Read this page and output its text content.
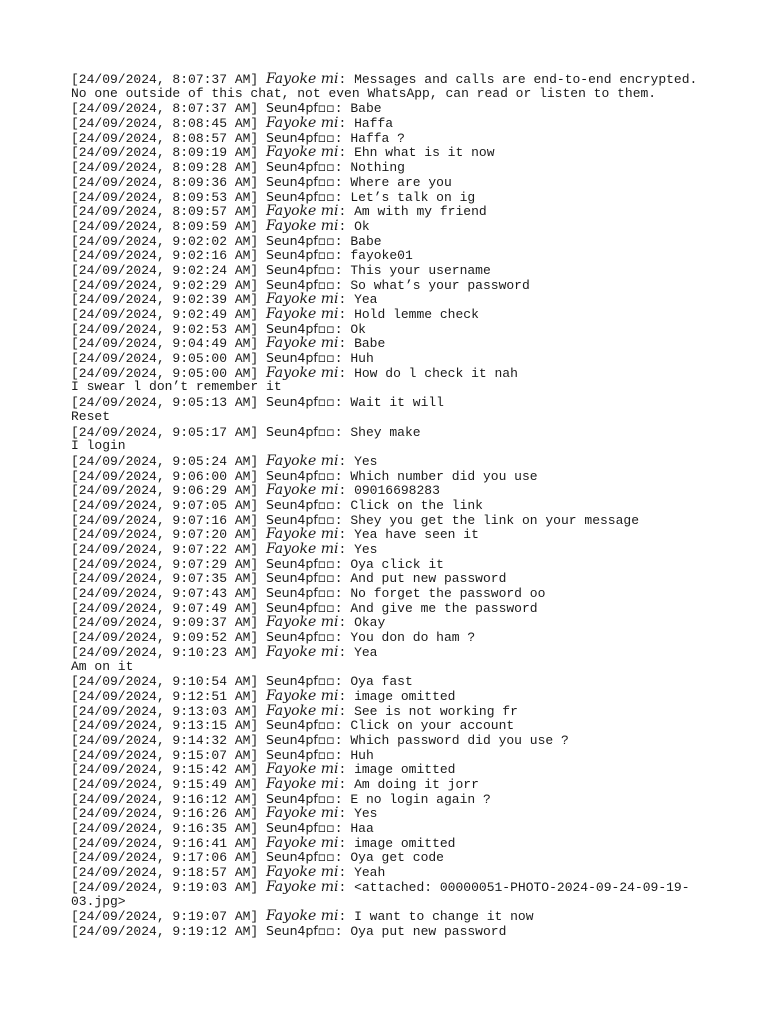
[24/09/2024, 8:07:37 AM] Fayoke mi: Messages and calls are end-to-end encrypted.
No one outside of this chat, not even WhatsApp, can read or listen to them.
[24/09/2024, 8:07:37 AM] Seun4pf▫▫: Babe
[24/09/2024, 8:08:45 AM] Fayoke mi: Haffa
[24/09/2024, 8:08:57 AM] Seun4pf▫▫: Haffa ?
[24/09/2024, 8:09:19 AM] Fayoke mi: Ehn what is it now
[24/09/2024, 8:09:28 AM] Seun4pf▫▫: Nothing
[24/09/2024, 8:09:36 AM] Seun4pf▫▫: Where are you
[24/09/2024, 8:09:53 AM] Seun4pf▫▫: Let’s talk on ig
[24/09/2024, 8:09:57 AM] Fayoke mi: Am with my friend
[24/09/2024, 8:09:59 AM] Fayoke mi: Ok
[24/09/2024, 9:02:02 AM] Seun4pf▫▫: Babe
[24/09/2024, 9:02:16 AM] Seun4pf▫▫: fayoke01
[24/09/2024, 9:02:24 AM] Seun4pf▫▫: This your username
[24/09/2024, 9:02:29 AM] Seun4pf▫▫: So what’s your password
[24/09/2024, 9:02:39 AM] Fayoke mi: Yea
[24/09/2024, 9:02:49 AM] Fayoke mi: Hold lemme check
[24/09/2024, 9:02:53 AM] Seun4pf▫▫: Ok
[24/09/2024, 9:04:49 AM] Fayoke mi: Babe
[24/09/2024, 9:05:00 AM] Seun4pf▫▫: Huh
[24/09/2024, 9:05:00 AM] Fayoke mi: How do l check it nah
I swear l don’t remember it
[24/09/2024, 9:05:13 AM] Seun4pf▫▫: Wait it will
Reset
[24/09/2024, 9:05:17 AM] Seun4pf▫▫: Shey make
I login
[24/09/2024, 9:05:24 AM] Fayoke mi: Yes
[24/09/2024, 9:06:00 AM] Seun4pf▫▫: Which number did you use
[24/09/2024, 9:06:29 AM] Fayoke mi: 09016698283
[24/09/2024, 9:07:05 AM] Seun4pf▫▫: Click on the link
[24/09/2024, 9:07:16 AM] Seun4pf▫▫: Shey you get the link on your message
[24/09/2024, 9:07:20 AM] Fayoke mi: Yea have seen it
[24/09/2024, 9:07:22 AM] Fayoke mi: Yes
[24/09/2024, 9:07:29 AM] Seun4pf▫▫: Oya click it
[24/09/2024, 9:07:35 AM] Seun4pf▫▫: And put new password
[24/09/2024, 9:07:43 AM] Seun4pf▫▫: No forget the password oo
[24/09/2024, 9:07:49 AM] Seun4pf▫▫: And give me the password
[24/09/2024, 9:09:37 AM] Fayoke mi: Okay
[24/09/2024, 9:09:52 AM] Seun4pf▫▫: You don do ham ?
[24/09/2024, 9:10:23 AM] Fayoke mi: Yea
Am on it
[24/09/2024, 9:10:54 AM] Seun4pf▫▫: Oya fast
[24/09/2024, 9:12:51 AM] Fayoke mi: image omitted
[24/09/2024, 9:13:03 AM] Fayoke mi: See is not working fr
[24/09/2024, 9:13:15 AM] Seun4pf▫▫: Click on your account
[24/09/2024, 9:14:32 AM] Seun4pf▫▫: Which password did you use ?
[24/09/2024, 9:15:07 AM] Seun4pf▫▫: Huh
[24/09/2024, 9:15:42 AM] Fayoke mi: image omitted
[24/09/2024, 9:15:49 AM] Fayoke mi: Am doing it jorr
[24/09/2024, 9:16:12 AM] Seun4pf▫▫: E no login again ?
[24/09/2024, 9:16:26 AM] Fayoke mi: Yes
[24/09/2024, 9:16:35 AM] Seun4pf▫▫: Haa
[24/09/2024, 9:16:41 AM] Fayoke mi: image omitted
[24/09/2024, 9:17:06 AM] Seun4pf▫▫: Oya get code
[24/09/2024, 9:18:57 AM] Fayoke mi: Yeah
[24/09/2024, 9:19:03 AM] Fayoke mi: <attached: 00000051-PHOTO-2024-09-24-09-19-
03.jpg>
[24/09/2024, 9:19:07 AM] Fayoke mi: I want to change it now
[24/09/2024, 9:19:12 AM] Seun4pf▫▫: Oya put new password
